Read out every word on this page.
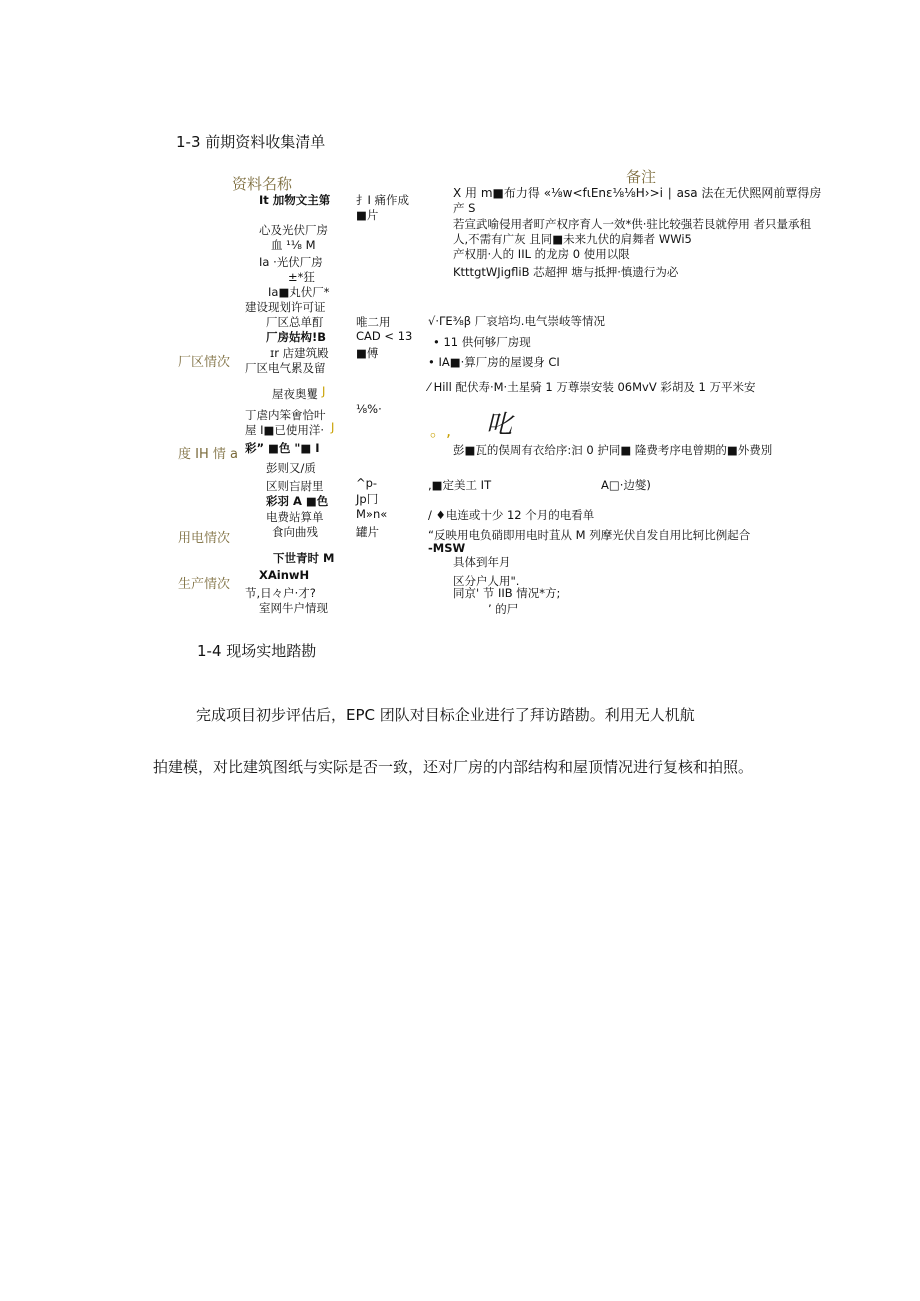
1-3 前期资料收集清单
资料名称	备注
厂区情次
度 IH 情 a
用电情次
生产情次
It 加物文主第
心及光伏厂房
血 ¹⅛ M
Ia ·光伏厂房
±*狂
Ia■丸伏厂*
建设现划许可证
厂区总单酊
厂房姑构!B
ɪr 店建筑殿
厂区电气累及留
屋夜奥矍 J
丁虐内笨㑹恰叶
屋 I■已使用洋· J
彩” ■色 "■ I
彭则又/质
区则吂尉里
彩羽 A ■色
电费站算单
食向曲残
下世青时 M
XAinwH
节,日々户·才?
室网牛户情现
扌I 痛作成
■片
唯二用
CAD < 13
■傅
⅛%·
^p-
Jp冂
M»n«
罐片
X 用 m■布力得 «⅛w<fιEnε⅛⅛H›>i ∣ asa 法在无伏熙网前覃得房
产 S
若宣武喻侵用者町产权序育人一效*供·驻比较强若艮就停用 者只量承租
人,不需有广灰 且同■未来九伏的肩舞者 WWi5
产权朋·人的 IIL 的龙房 0 使用以限
KtttgtWJigfliB 芯超押 塘与抵押·慎遗行为必
√·ΓE⅜β 厂哀培均.电气崇岐等情况
• 11 供何够厂房现
• IA■·算厂房的屋谡身 CI
⁄ Hill 配伏寿·M·土星骑 1 万尊崇安装 06MvV 彩胡及 1 万平米安
。, 叱
彭■瓦的俣周有衣给序:汩 0 护同■ 隆费考序电曾期的■外费別
,■定美工 IT	A□·边燮)
/ ♦电连或十少 12 个月的电看单
“反映用电负硝即用电时苴从 M 列摩光伏自发自用比轲比例起合
-MSW
具体到年月
区分户人用".
同京' 节 IIB 情况*方;
’ 的尸
1-4 现场实地踏勘
完成项目初步评估后，EPC 团队对目标企业进行了拜访踏勘。利用无人机航
拍建模，对比建筑图纸与实际是否一致，还对厂房的内部结构和屋顶情况进行复核和拍照。
